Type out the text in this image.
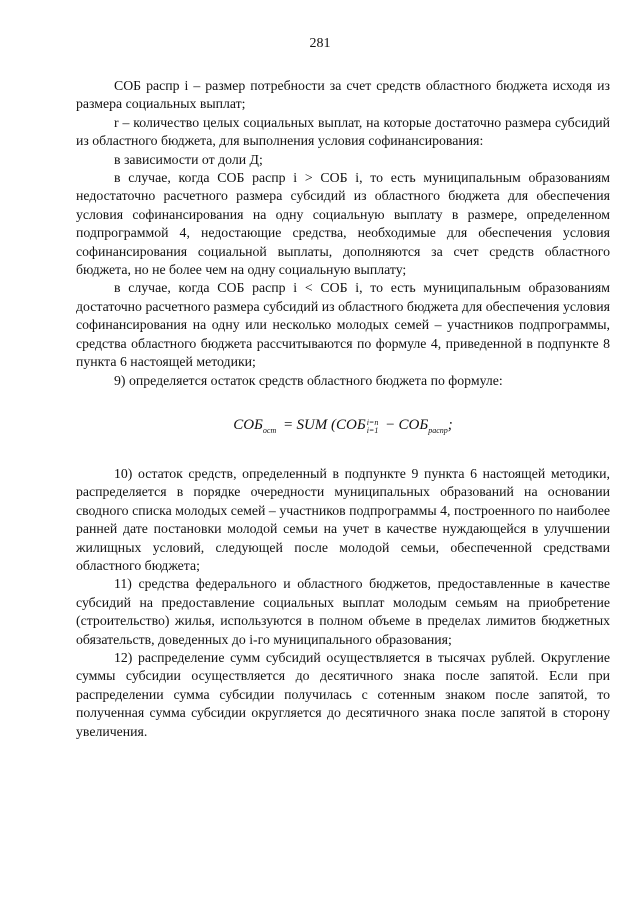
281

СОБ распр i – размер потребности за счет средств областного бюджета исходя из размера социальных выплат;

r – количество целых социальных выплат, на которые достаточно размера субсидий из областного бюджета, для выполнения условия софинансирования:

в зависимости от доли Д;

в случае, когда СОБ распр i > СОБ i, то есть муниципальным образованиям недостаточно расчетного размера субсидий из областного бюджета для обеспечения условия софинансирования на одну социальную выплату в размере, определенном подпрограммой 4, недостающие средства, необходимые для обеспечения условия софинансирования социальной выплаты, дополняются за счет средств областного бюджета, но не более чем на одну социальную выплату;

в случае, когда СОБ распр i < СОБ i, то есть муниципальным образованиям достаточно расчетного размера субсидий из областного бюджета для обеспечения условия софинансирования на одну или несколько молодых семей – участников подпрограммы, средства областного бюджета рассчитываются по формуле 4, приведенной в подпункте 8 пункта 6 настоящей методики;

9) определяется остаток средств областного бюджета по формуле:

$СОБ_{ост}$ = SUM (СОБ i=n
$i=1 - СОБ_{распр}$;

10) остаток средств, определенный в подпункте 9 пункта 6 настоящей методики, распределяется в порядке очередности муниципальных образований на основании сводного списка молодых семей – участников подпрограммы 4, построенного по наиболее ранней дате постановки молодой семьи на учет в качестве нуждающейся в улучшении жилищных условий, следующей после молодой семьи, обеспеченной средствами областного бюджета;

11) средства федерального и областного бюджетов, предоставленные в качестве субсидий на предоставление социальных выплат молодым семьям на приобретение (строительство) жилья, используются в полном объеме в пределах лимитов бюджетных обязательств, доведенных до i-го муниципального образования;

12) распределение сумм субсидий осуществляется в тысячах рублей. Округление суммы субсидии осуществляется до десятичного знака после запятой. Если при распределении сумма субсидии получилась с сотенным знаком после запятой, то полученная сумма субсидии округляется до десятичного знака после запятой в сторону увеличения.
